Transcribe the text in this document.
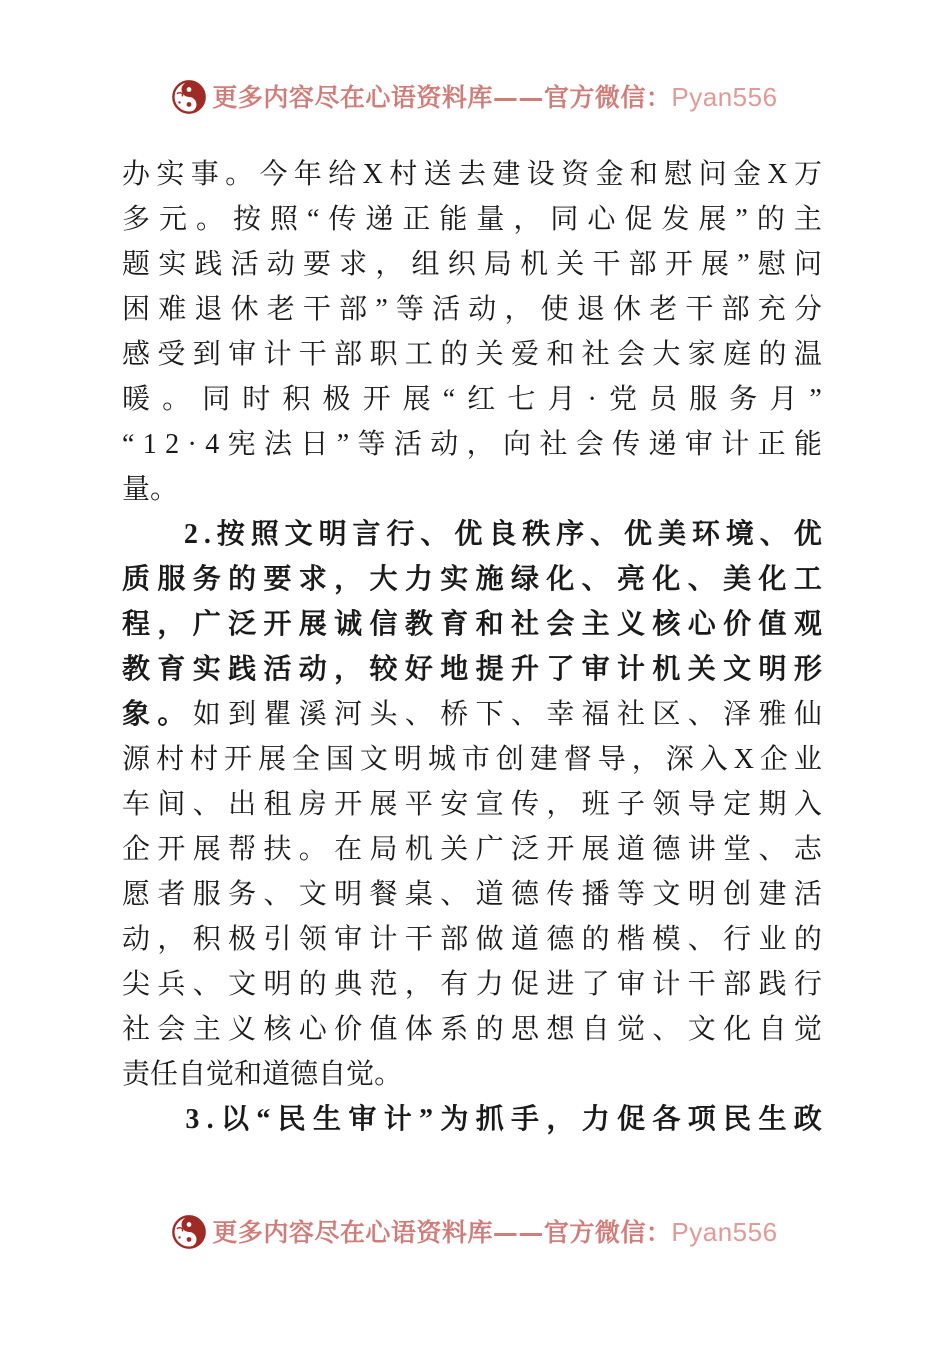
更多内容尽在心语资料库——官方微信：Pyan556
办 实 事 。 今 年 给 X 村 送 去 建 设 资 金 和 慰 问 金 X 万
多 元 。 按 照 “ 传 递 正 能 量 ， 同 心 促 发 展 ” 的 主
题 实 践 活 动 要 求 ， 组 织 局 机 关 干 部 开 展 ” 慰 问
困 难 退 休 老 干 部 ” 等 活 动 ， 使 退 休 老 干 部 充 分
感 受 到 审 计 干 部 职 工 的 关 爱 和 社 会 大 家 庭 的 温
暖 。 同 时 积 极 开 展 “ 红 七 月 · 党 员 服 务 月 ”
“ 1 2 · 4 宪 法 日 ” 等 活 动 ， 向 社 会 传 递 审 计 正 能
量 。
2 . 按 照 文 明 言 行 、 优 良 秩 序 、 优 美 环 境 、 优
质 服 务 的 要 求 ， 大 力 实 施 绿 化 、 亮 化 、 美 化 工
程 ， 广 泛 开 展 诚 信 教 育 和 社 会 主 义 核 心 价 值 观
教 育 实 践 活 动 ， 较 好 地 提 升 了 审 计 机 关 文 明 形
象 。 如 到 瞿 溪 河 头 、 桥 下 、 幸 福 社 区 、 泽 雅 仙
源 村 村 开 展 全 国 文 明 城 市 创 建 督 导 ， 深 入 X 企 业
车 间 、 出 租 房 开 展 平 安 宣 传 ， 班 子 领 导 定 期 入
企 开 展 帮 扶 。 在 局 机 关 广 泛 开 展 道 德 讲 堂 、 志
愿 者 服 务 、 文 明 餐 桌 、 道 德 传 播 等 文 明 创 建 活
动 ， 积 极 引 领 审 计 干 部 做 道 德 的 楷 模 、 行 业 的
尖 兵 、 文 明 的 典 范 ， 有 力 促 进 了 审 计 干 部 践 行
社 会 主 义 核 心 价 值 体 系 的 思 想 自 觉 、 文 化 自 觉
责 任 自 觉 和 道 德 自 觉 。
3 . 以 “ 民 生 审 计 ” 为 抓 手 ， 力 促 各 项 民 生 政
更多内容尽在心语资料库——官方微信：Pyan556
